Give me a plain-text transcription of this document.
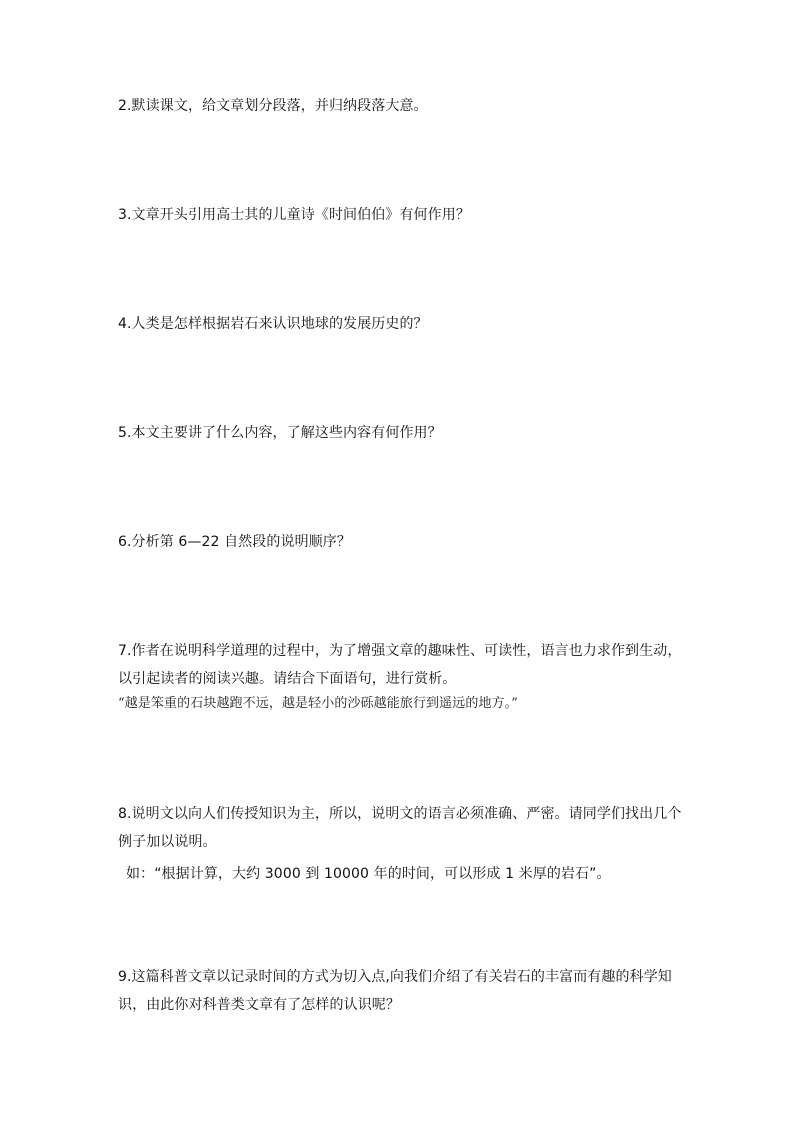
2.默读课文，给文章划分段落，并归纳段落大意。
3.文章开头引用高士其的儿童诗《时间伯伯》有何作用？
4.人类是怎样根据岩石来认识地球的发展历史的？
5.本文主要讲了什么内容，了解这些内容有何作用？
6.分析第 6—22 自然段的说明顺序？
7.作者在说明科学道理的过程中，为了增强文章的趣味性、可读性，语言也力求作到生动，
以引起读者的阅读兴趣。请结合下面语句，进行赏析。
“越是笨重的石块越跑不远，越是轻小的沙砾越能旅行到遥远的地方。”
8.说明文以向人们传授知识为主，所以，说明文的语言必须准确、严密。请同学们找出几个
例子加以说明。
如：“根据计算，大约 3000 到 10000 年的时间，可以形成 1 米厚的岩石”。
9.这篇科普文章以记录时间的方式为切入点,向我们介绍了有关岩石的丰富而有趣的科学知
识，由此你对科普类文章有了怎样的认识呢？
